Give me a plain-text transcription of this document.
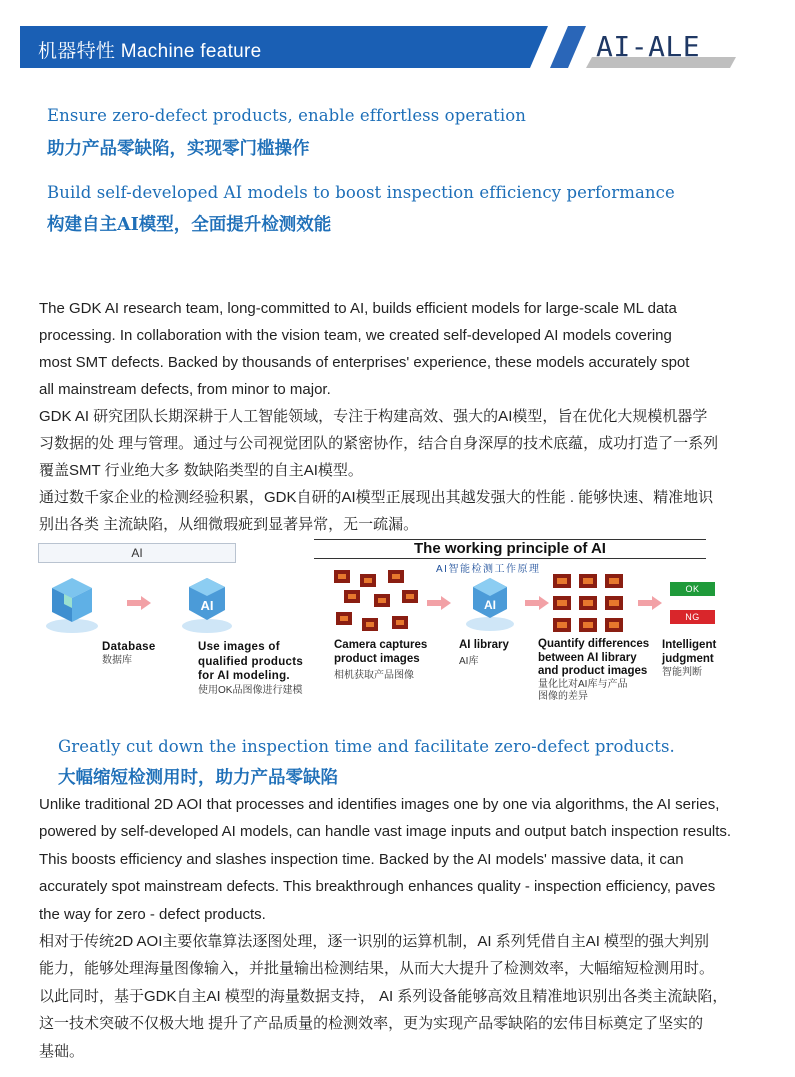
机器特性 Machine feature	AI-ALE
Ensure zero-defect products, enable effortless operation
助力产品零缺陷，实现零门槛操作
Build self-developed AI models to boost inspection efficiency performance
构建自主AI模型，全面提升检测效能
The GDK AI research team, long-committed to AI, builds efficient models for large-scale ML data
processing. In collaboration with the vision team, we created self-developed AI models covering
most SMT defects. Backed by thousands of enterprises' experience, these models accurately spot
all mainstream defects, from minor to major.
GDK AI 研究团队长期深耕于人工智能领域，专注于构建高效、强大的AI模型，旨在优化大规模机器学
习数据的处 理与管理。通过与公司视觉团队的紧密协作，结合自身深厚的技术底蕴，成功打造了一系列
覆盖SMT 行业绝大多 数缺陷类型的自主AI模型。
通过数千家企业的检测经验积累，GDK自研的AI模型正展现出其越发强大的性能 . 能够快速、精准地识
别出各类 主流缺陷，从细微瑕疵到显著异常，无一疏漏。
AI	The working principle of AI
AI智能检测工作原理
AI	AI
OK
NG
Database
数据库
Use images of
qualified products
for AI modeling.
使用OK品图像进行建模
Camera captures
product images
相机获取产品图像
AI library
AI库
Quantify differences
between AI library
and product images
量化比对AI库与产品
图像的差异
Intelligent
judgment
智能判断
Greatly cut down the inspection time and facilitate zero-defect products.
大幅缩短检测用时，助力产品零缺陷
Unlike traditional 2D AOI that processes and identifies images one by one via algorithms, the AI series,
powered by self-developed AI models, can handle vast image inputs and output batch inspection results.
This boosts efficiency and slashes inspection time. Backed by the AI models' massive data, it can
accurately spot mainstream defects. This breakthrough enhances quality - inspection efficiency, paves
the way for zero - defect products.
相对于传统2D AOI主要依靠算法逐图处理，逐一识别的运算机制，AI 系列凭借自主AI 模型的强大判别
能力，能够处理海量图像输入，并批量输出检测结果，从而大大提升了检测效率，大幅缩短检测用时。
以此同时，基于GDK自主AI 模型的海量数据支持， AI 系列设备能够高效且精准地识别出各类主流缺陷，
这一技术突破不仅极大地 提升了产品质量的检测效率，更为实现产品零缺陷的宏伟目标奠定了坚实的
基础。
